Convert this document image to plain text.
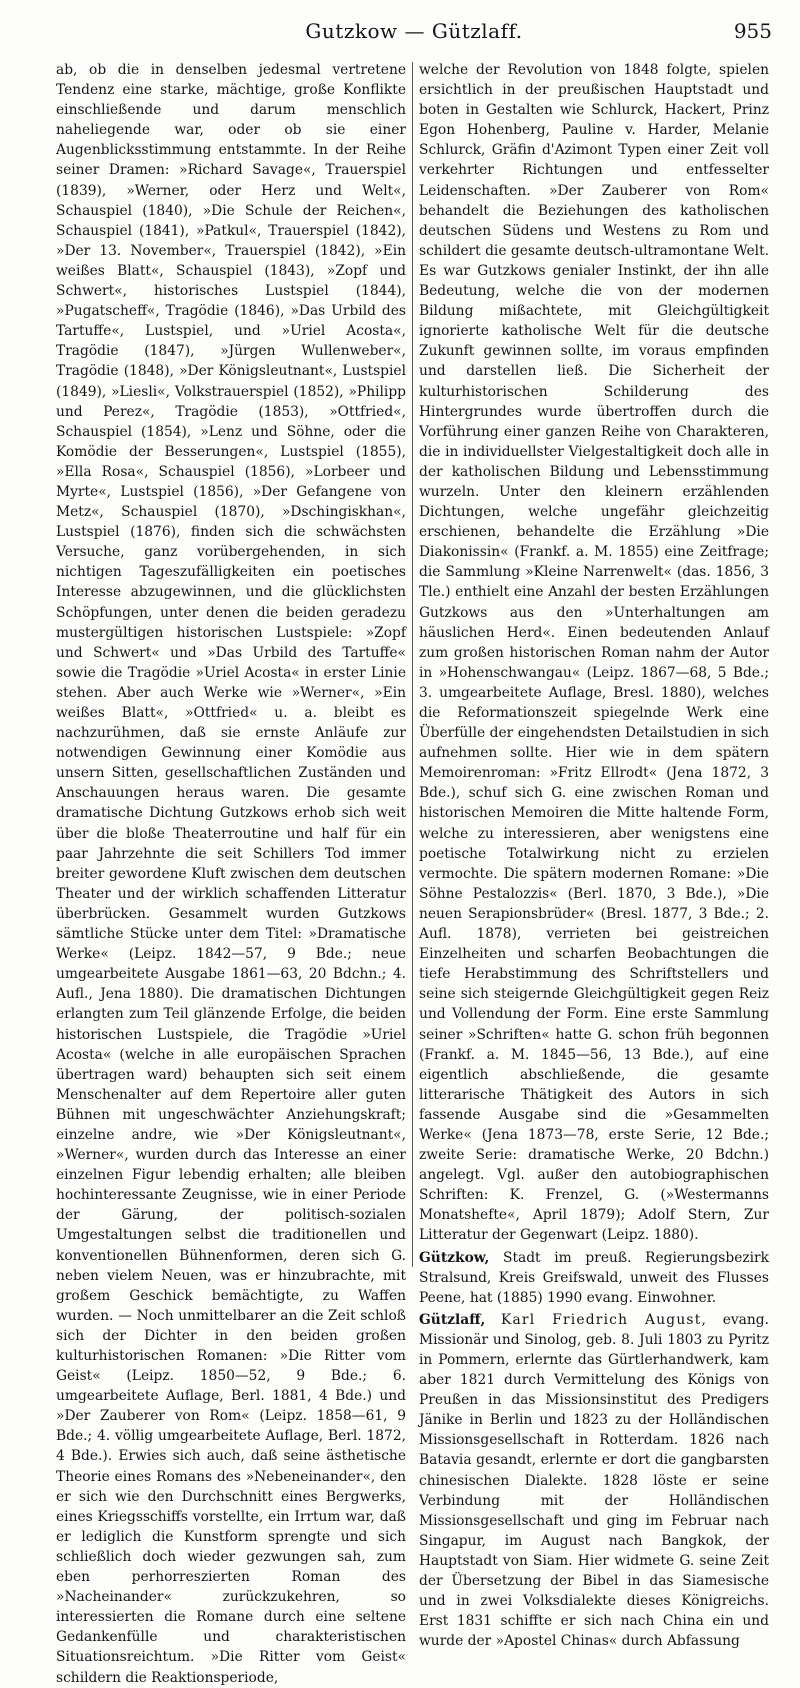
Gutzkow — Gützlaff.	955

ab, ob die in denselben jedesmal vertretene Tendenz eine starke, mächtige, große Konflikte einschließende und darum menschlich naheliegende war, oder ob sie einer Augenblicksstimmung entstammte. In der Reihe seiner Dramen: »Richard Savage«, Trauerspiel (1839), »Werner, oder Herz und Welt«, Schauspiel (1840), »Die Schule der Reichen«, Schauspiel (1841), »Patkul«, Trauerspiel (1842), »Der 13. November«, Trauerspiel (1842), »Ein weißes Blatt«, Schauspiel (1843), »Zopf und Schwert«, historisches Lustspiel (1844), »Pugatscheff«, Tragödie (1846), »Das Urbild des Tartuffe«, Lustspiel, und »Uriel Acosta«, Tragödie (1847), »Jürgen Wullenweber«, Tragödie (1848), »Der Königsleutnant«, Lustspiel (1849), »Liesli«, Volkstrauerspiel (1852), »Philipp und Perez«, Tragödie (1853), »Ottfried«, Schauspiel (1854), »Lenz und Söhne, oder die Komödie der Besserungen«, Lustspiel (1855), »Ella Rosa«, Schauspiel (1856), »Lorbeer und Myrte«, Lustspiel (1856), »Der Gefangene von Metz«, Schauspiel (1870), »Dschingiskhan«, Lustspiel (1876), finden sich die schwächsten Versuche, ganz vorübergehenden, in sich nichtigen Tageszufälligkeiten ein poetisches Interesse abzugewinnen, und die glücklichsten Schöpfungen, unter denen die beiden geradezu mustergültigen historischen Lustspiele: »Zopf und Schwert« und »Das Urbild des Tartuffe« sowie die Tragödie »Uriel Acosta« in erster Linie stehen. Aber auch Werke wie »Werner«, »Ein weißes Blatt«, »Ottfried« u. a. bleibt es nachzurühmen, daß sie ernste Anläufe zur notwendigen Gewinnung einer Komödie aus unsern Sitten, gesellschaftlichen Zuständen und Anschauungen heraus waren. Die gesamte dramatische Dichtung Gutzkows erhob sich weit über die bloße Theaterroutine und half für ein paar Jahrzehnte die seit Schillers Tod immer breiter gewordene Kluft zwischen dem deutschen Theater und der wirklich schaffenden Litteratur überbrücken. Gesammelt wurden Gutzkows sämtliche Stücke unter dem Titel: »Dramatische Werke« (Leipz. 1842—57, 9 Bde.; neue umgearbeitete Ausgabe 1861—63, 20 Bdchn.; 4. Aufl., Jena 1880). Die dramatischen Dichtungen erlangten zum Teil glänzende Erfolge, die beiden historischen Lustspiele, die Tragödie »Uriel Acosta« (welche in alle europäischen Sprachen übertragen ward) behaupten sich seit einem Menschenalter auf dem Repertoire aller guten Bühnen mit ungeschwächter Anziehungskraft; einzelne andre, wie »Der Königsleutnant«, »Werner«, wurden durch das Interesse an einer einzelnen Figur lebendig erhalten; alle bleiben hochinteressante Zeugnisse, wie in einer Periode der Gärung, der politisch-sozialen Umgestaltungen selbst die traditionellen und konventionellen Bühnenformen, deren sich G. neben vielem Neuen, was er hinzubrachte, mit großem Geschick bemächtigte, zu Waffen wurden. — Noch unmittelbarer an die Zeit schloß sich der Dichter in den beiden großen kulturhistorischen Romanen: »Die Ritter vom Geist« (Leipz. 1850—52, 9 Bde.; 6. umgearbeitete Auflage, Berl. 1881, 4 Bde.) und »Der Zauberer von Rom« (Leipz. 1858—61, 9 Bde.; 4. völlig umgearbeitete Auflage, Berl. 1872, 4 Bde.). Erwies sich auch, daß seine ästhetische Theorie eines Romans des »Nebeneinander«, den er sich wie den Durchschnitt eines Bergwerks, eines Kriegsschiffs vorstellte, ein Irrtum war, daß er lediglich die Kunstform sprengte und sich schließlich doch wieder gezwungen sah, zum eben perhorreszierten Roman des »Nacheinander« zurückzukehren, so interessierten die Romane durch eine seltene Gedankenfülle und charakteristischen Situationsreichtum. »Die Ritter vom Geist« schildern die Reaktionsperiode,

welche der Revolution von 1848 folgte, spielen ersichtlich in der preußischen Hauptstadt und boten in Gestalten wie Schlurck, Hackert, Prinz Egon Hohenberg, Pauline v. Harder, Melanie Schlurck, Gräfin d'Azimont Typen einer Zeit voll verkehrter Richtungen und entfesselter Leidenschaften. »Der Zauberer von Rom« behandelt die Beziehungen des katholischen deutschen Südens und Westens zu Rom und schildert die gesamte deutsch-ultramontane Welt. Es war Gutzkows genialer Instinkt, der ihn alle Bedeutung, welche die von der modernen Bildung mißachtete, mit Gleichgültigkeit ignorierte katholische Welt für die deutsche Zukunft gewinnen sollte, im voraus empfinden und darstellen ließ. Die Sicherheit der kulturhistorischen Schilderung des Hintergrundes wurde übertroffen durch die Vorführung einer ganzen Reihe von Charakteren, die in individuellster Vielgestaltigkeit doch alle in der katholischen Bildung und Lebensstimmung wurzeln. Unter den kleinern erzählenden Dichtungen, welche ungefähr gleichzeitig erschienen, behandelte die Erzählung »Die Diakonissin« (Frankf. a. M. 1855) eine Zeitfrage; die Sammlung »Kleine Narrenwelt« (das. 1856, 3 Tle.) enthielt eine Anzahl der besten Erzählungen Gutzkows aus den »Unterhaltungen am häuslichen Herd«. Einen bedeutenden Anlauf zum großen historischen Roman nahm der Autor in »Hohenschwangau« (Leipz. 1867—68, 5 Bde.; 3. umgearbeitete Auflage, Bresl. 1880), welches die Reformationszeit spiegelnde Werk eine Überfülle der eingehendsten Detailstudien in sich aufnehmen sollte. Hier wie in dem spätern Memoirenroman: »Fritz Ellrodt« (Jena 1872, 3 Bde.), schuf sich G. eine zwischen Roman und historischen Memoiren die Mitte haltende Form, welche zu interessieren, aber wenigstens eine poetische Totalwirkung nicht zu erzielen vermochte. Die spätern modernen Romane: »Die Söhne Pestalozzis« (Berl. 1870, 3 Bde.), »Die neuen Serapionsbrüder« (Bresl. 1877, 3 Bde.; 2. Aufl. 1878), verrieten bei geistreichen Einzelheiten und scharfen Beobachtungen die tiefe Herabstimmung des Schriftstellers und seine sich steigernde Gleichgültigkeit gegen Reiz und Vollendung der Form. Eine erste Sammlung seiner »Schriften« hatte G. schon früh begonnen (Frankf. a. M. 1845—56, 13 Bde.), auf eine eigentlich abschließende, die gesamte litterarische Thätigkeit des Autors in sich fassende Ausgabe sind die »Gesammelten Werke« (Jena 1873—78, erste Serie, 12 Bde.; zweite Serie: dramatische Werke, 20 Bdchn.) angelegt. Vgl. außer den autobiographischen Schriften: K. Frenzel, G. (»Westermanns Monatshefte«, April 1879); Adolf Stern, Zur Litteratur der Gegenwart (Leipz. 1880).

Gützkow, Stadt im preuß. Regierungsbezirk Stralsund, Kreis Greifswald, unweit des Flusses Peene, hat (1885) 1990 evang. Einwohner.

Gützlaff, Karl Friedrich August, evang. Missionär und Sinolog, geb. 8. Juli 1803 zu Pyritz in Pommern, erlernte das Gürtlerhandwerk, kam aber 1821 durch Vermittelung des Königs von Preußen in das Missionsinstitut des Predigers Jänike in Berlin und 1823 zu der Holländischen Missionsgesellschaft in Rotterdam. 1826 nach Batavia gesandt, erlernte er dort die gangbarsten chinesischen Dialekte. 1828 löste er seine Verbindung mit der Holländischen Missionsgesellschaft und ging im Februar nach Singapur, im August nach Bangkok, der Hauptstadt von Siam. Hier widmete G. seine Zeit der Übersetzung der Bibel in das Siamesische und in zwei Volksdialekte dieses Königreichs. Erst 1831 schiffte er sich nach China ein und wurde der »Apostel Chinas« durch Abfassung
